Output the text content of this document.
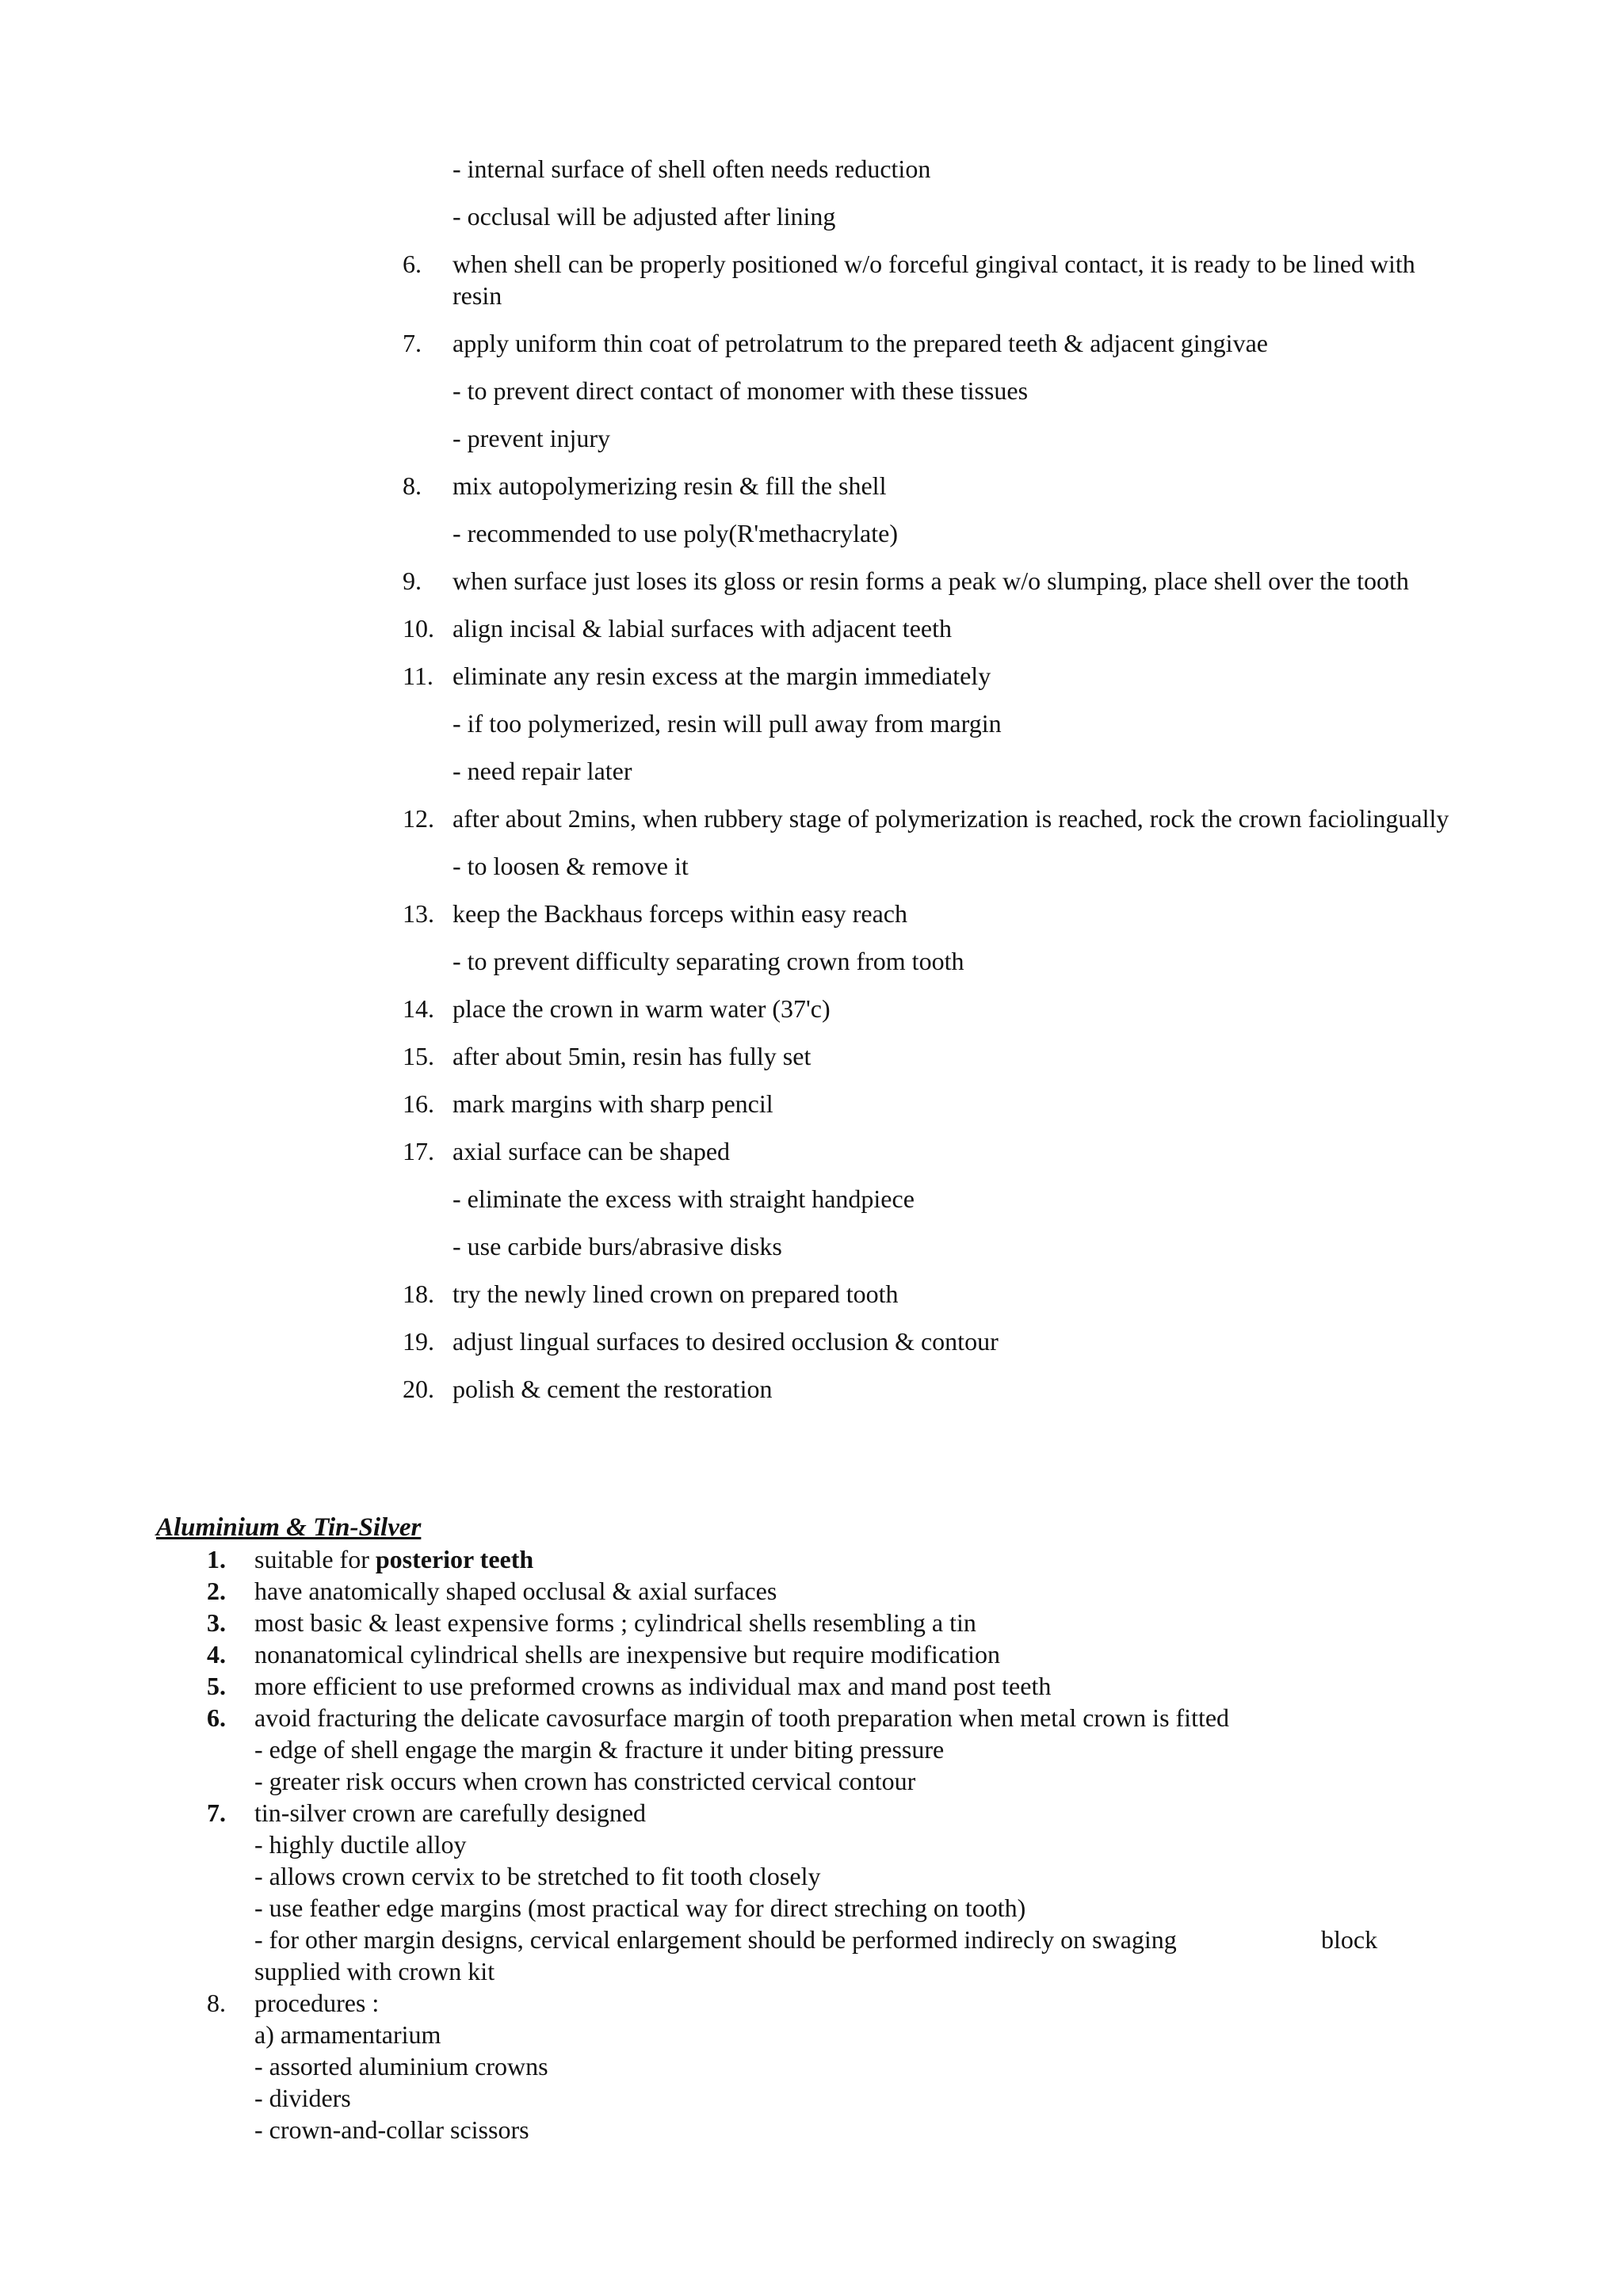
- internal surface of shell often needs reduction
- occlusal will be adjusted after lining
6. when shell can be properly positioned w/o forceful gingival contact, it is ready to be lined with resin
7. apply uniform thin coat of petrolatrum to the prepared teeth & adjacent gingivae
- to prevent direct contact of monomer with these tissues
- prevent injury
8. mix autopolymerizing resin & fill the shell
- recommended to use poly(R'methacrylate)
9. when surface just loses its gloss or resin forms a peak w/o slumping, place shell over the tooth
10. align incisal & labial surfaces with adjacent teeth
11. eliminate any resin excess at the margin immediately
- if too polymerized, resin will pull away from margin
- need repair later
12. after about 2mins, when rubbery stage of polymerization is reached, rock the crown faciolingually
- to loosen & remove it
13. keep the Backhaus forceps within easy reach
- to prevent difficulty separating crown from tooth
14. place the crown in warm water (37'c)
15. after about 5min, resin has fully set
16. mark margins with sharp pencil
17. axial surface can be shaped
- eliminate the excess with straight handpiece
- use carbide burs/abrasive disks
18. try the newly lined crown on prepared tooth
19. adjust lingual surfaces to desired occlusion & contour
20. polish & cement the restoration
Aluminium & Tin-Silver
1. suitable for posterior teeth
2. have anatomically shaped occlusal & axial surfaces
3. most basic & least expensive forms ; cylindrical shells resembling a tin
4. nonanatomical cylindrical shells are inexpensive but require modification
5. more efficient to use preformed crowns as individual max and mand post teeth
6. avoid fracturing the delicate cavosurface margin of tooth preparation when metal crown is fitted
- edge of shell engage the margin & fracture it under biting pressure
- greater risk occurs when crown has constricted cervical contour
7. tin-silver crown are carefully designed
- highly ductile alloy
- allows crown cervix to be stretched to fit tooth closely
- use feather edge margins (most practical way for direct streching on tooth)
- for other margin designs, cervical enlargement should be performed indirecly on swaging	block
supplied with crown kit
8. procedures :
a) armamentarium
- assorted aluminium crowns
- dividers
- crown-and-collar scissors
